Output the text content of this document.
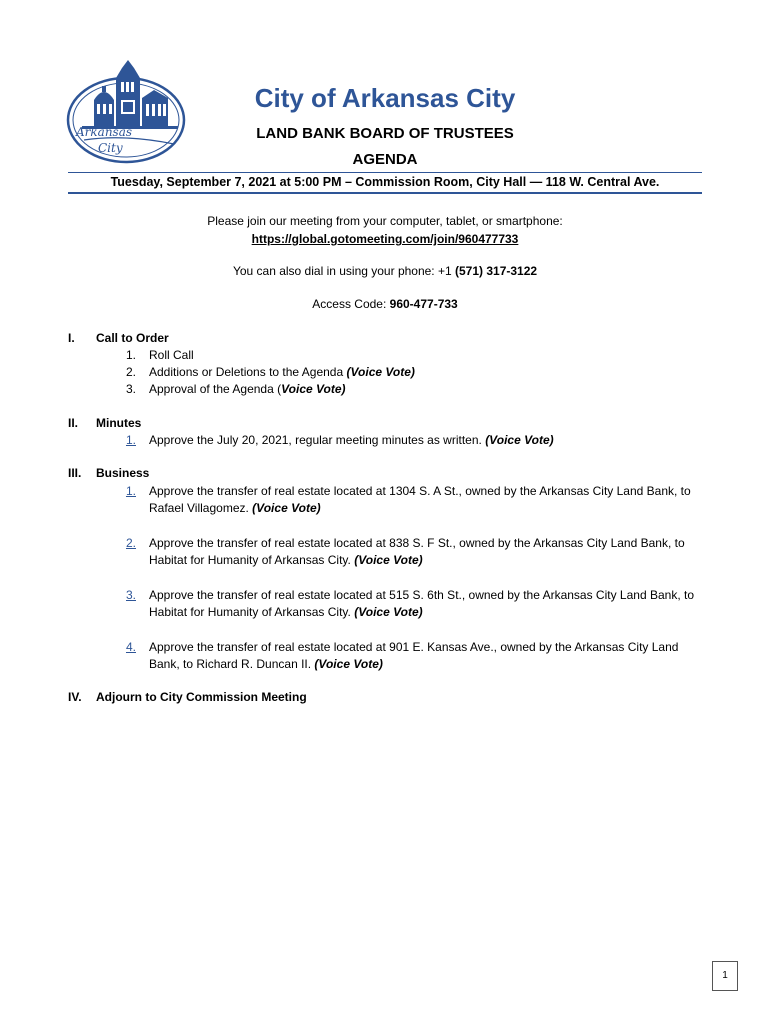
Arkansas
City
City of Arkansas City
LAND BANK BOARD OF TRUSTEES
AGENDA
Tuesday, September 7, 2021 at 5:00 PM – Commission Room, City Hall — 118 W. Central Ave.
Please join our meeting from your computer, tablet, or smartphone:
https://global.gotomeeting.com/join/960477733
You can also dial in using your phone: +1 (571) 317-3122
Access Code: 960-477-733
I. Call to Order
1. Roll Call
2. Additions or Deletions to the Agenda (Voice Vote)
3. Approval of the Agenda (Voice Vote)
II. Minutes
1. Approve the July 20, 2021, regular meeting minutes as written. (Voice Vote)
III. Business
1. Approve the transfer of real estate located at 1304 S. A St., owned by the Arkansas City Land Bank, to Rafael Villagomez. (Voice Vote)
2. Approve the transfer of real estate located at 838 S. F St., owned by the Arkansas City Land Bank, to Habitat for Humanity of Arkansas City. (Voice Vote)
3. Approve the transfer of real estate located at 515 S. 6th St., owned by the Arkansas City Land Bank, to Habitat for Humanity of Arkansas City. (Voice Vote)
4. Approve the transfer of real estate located at 901 E. Kansas Ave., owned by the Arkansas City Land Bank, to Richard R. Duncan II. (Voice Vote)
IV. Adjourn to City Commission Meeting
1
